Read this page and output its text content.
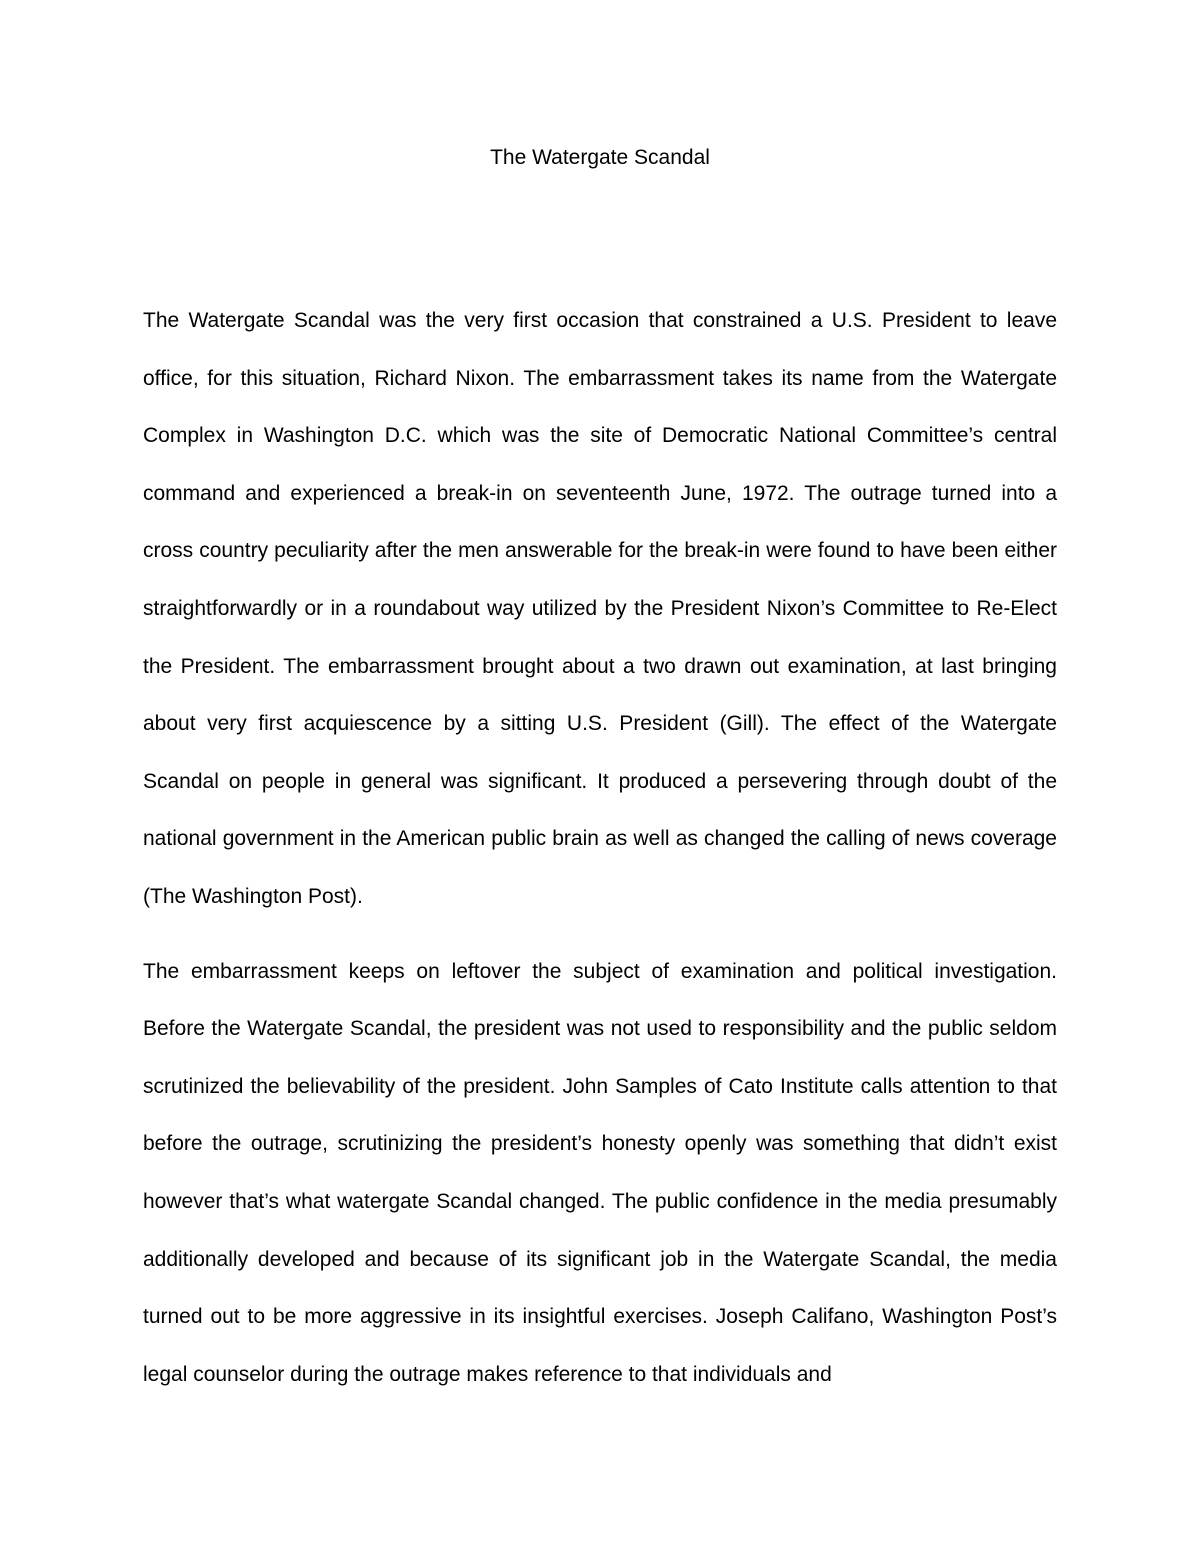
The Watergate Scandal

The Watergate Scandal was the very first occasion that constrained a U.S. President to leave office, for this situation, Richard Nixon. The embarrassment takes its name from the Watergate Complex in Washington D.C. which was the site of Democratic National Committee’s central command and experienced a break-in on seventeenth June, 1972. The outrage turned into a cross country peculiarity after the men answerable for the break-in were found to have been either straightforwardly or in a roundabout way utilized by the President Nixon’s Committee to Re-Elect the President. The embarrassment brought about a two drawn out examination, at last bringing about very first acquiescence by a sitting U.S. President (Gill). The effect of the Watergate Scandal on people in general was significant. It produced a persevering through doubt of the national government in the American public brain as well as changed the calling of news coverage (The Washington Post).

The embarrassment keeps on leftover the subject of examination and political investigation. Before the Watergate Scandal, the president was not used to responsibility and the public seldom scrutinized the believability of the president. John Samples of Cato Institute calls attention to that before the outrage, scrutinizing the president’s honesty openly was something that didn’t exist however that’s what watergate Scandal changed. The public confidence in the media presumably additionally developed and because of its significant job in the Watergate Scandal, the media turned out to be more aggressive in its insightful exercises. Joseph Califano, Washington Post’s legal counselor during the outrage makes reference to that individuals and
